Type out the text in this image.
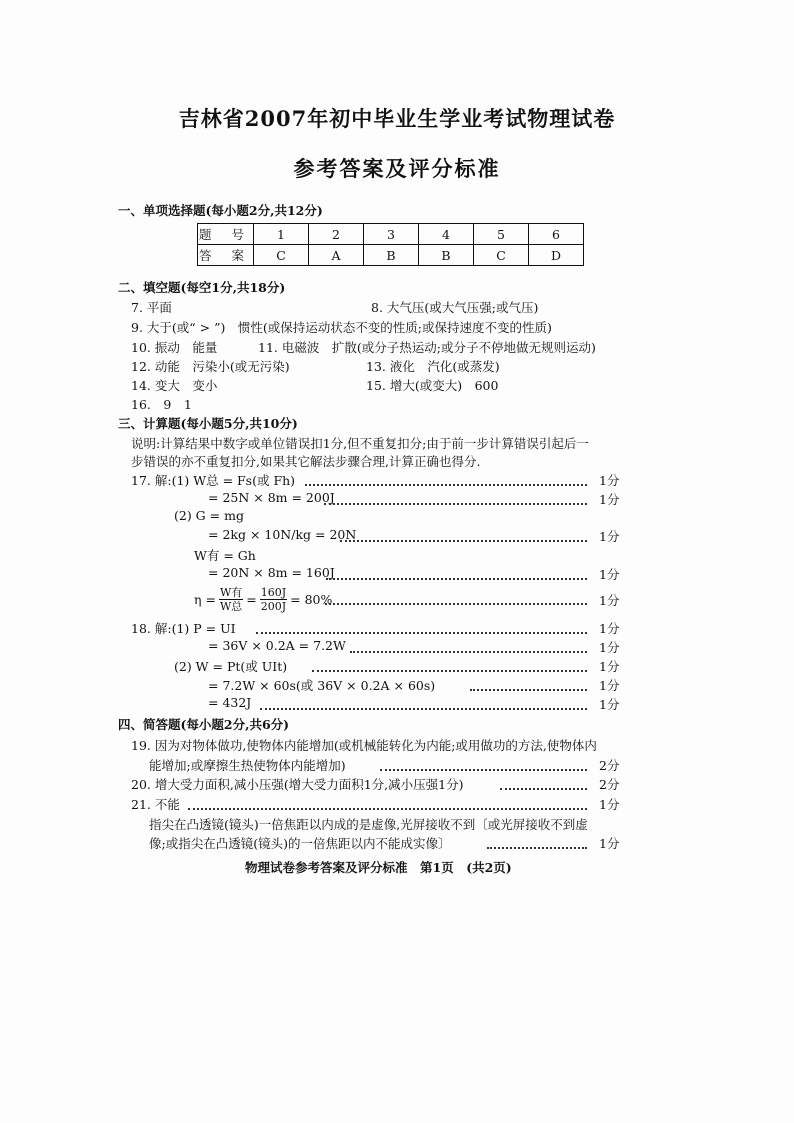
吉林省2007年初中毕业生学业考试物理试卷
参考答案及评分标准
一、单项选择题(每小题2分,共12分)
题 号	1	2	3	4	5	6
答 案	C	A	B	B	C	D
二、填空题(每空1分,共18分)
7. 平面	8. 大气压(或大气压强;或气压)
9. 大于(或“ > ”)　惯性(或保持运动状态不变的性质;或保持速度不变的性质)
10. 振动　能量	11. 电磁波　扩散(或分子热运动;或分子不停地做无规则运动)
12. 动能　污染小(或无污染)	13. 液化　汽化(或蒸发)
14. 变大　变小	15. 增大(或变大)　600
16.　9　1
三、计算题(每小题5分,共10分)
说明:计算结果中数字或单位错误扣1分,但不重复扣分;由于前一步计算错误引起后一
步错误的亦不重复扣分,如果其它解法步骤合理,计算正确也得分.
17. 解:(1) W总 = Fs(或 Fh)	1分
= 25N × 8m = 200J	1分
(2) G = mg
= 2kg × 10N/kg = 20N	1分
W有 = Gh
= 20N × 8m = 160J	1分
$\eta = \frac{\text{W有}}{\text{W总}} = \frac{160J}{200J} = 80\%$	1分
18. 解:(1) P = UI	1分
= 36V × 0.2A = 7.2W	1分
(2) W = Pt(或 UIt)	1分
= 7.2W × 60s(或 36V × 0.2A × 60s)	1分
= 432J	1分
四、简答题(每小题2分,共6分)
19. 因为对物体做功,使物体内能增加(或机械能转化为内能;或用做功的方法,使物体内
能增加;或摩擦生热使物体内能增加)	2分
20. 增大受力面积,减小压强(增大受力面积1分,减小压强1分)	2分
21. 不能	1分
指尖在凸透镜(镜头)一倍焦距以内成的是虚像,光屏接收不到〔或光屏接收不到虚
像;或指尖在凸透镜(镜头)的一倍焦距以内不能成实像〕	1分
物理试卷参考答案及评分标准　第1页　(共2页)
